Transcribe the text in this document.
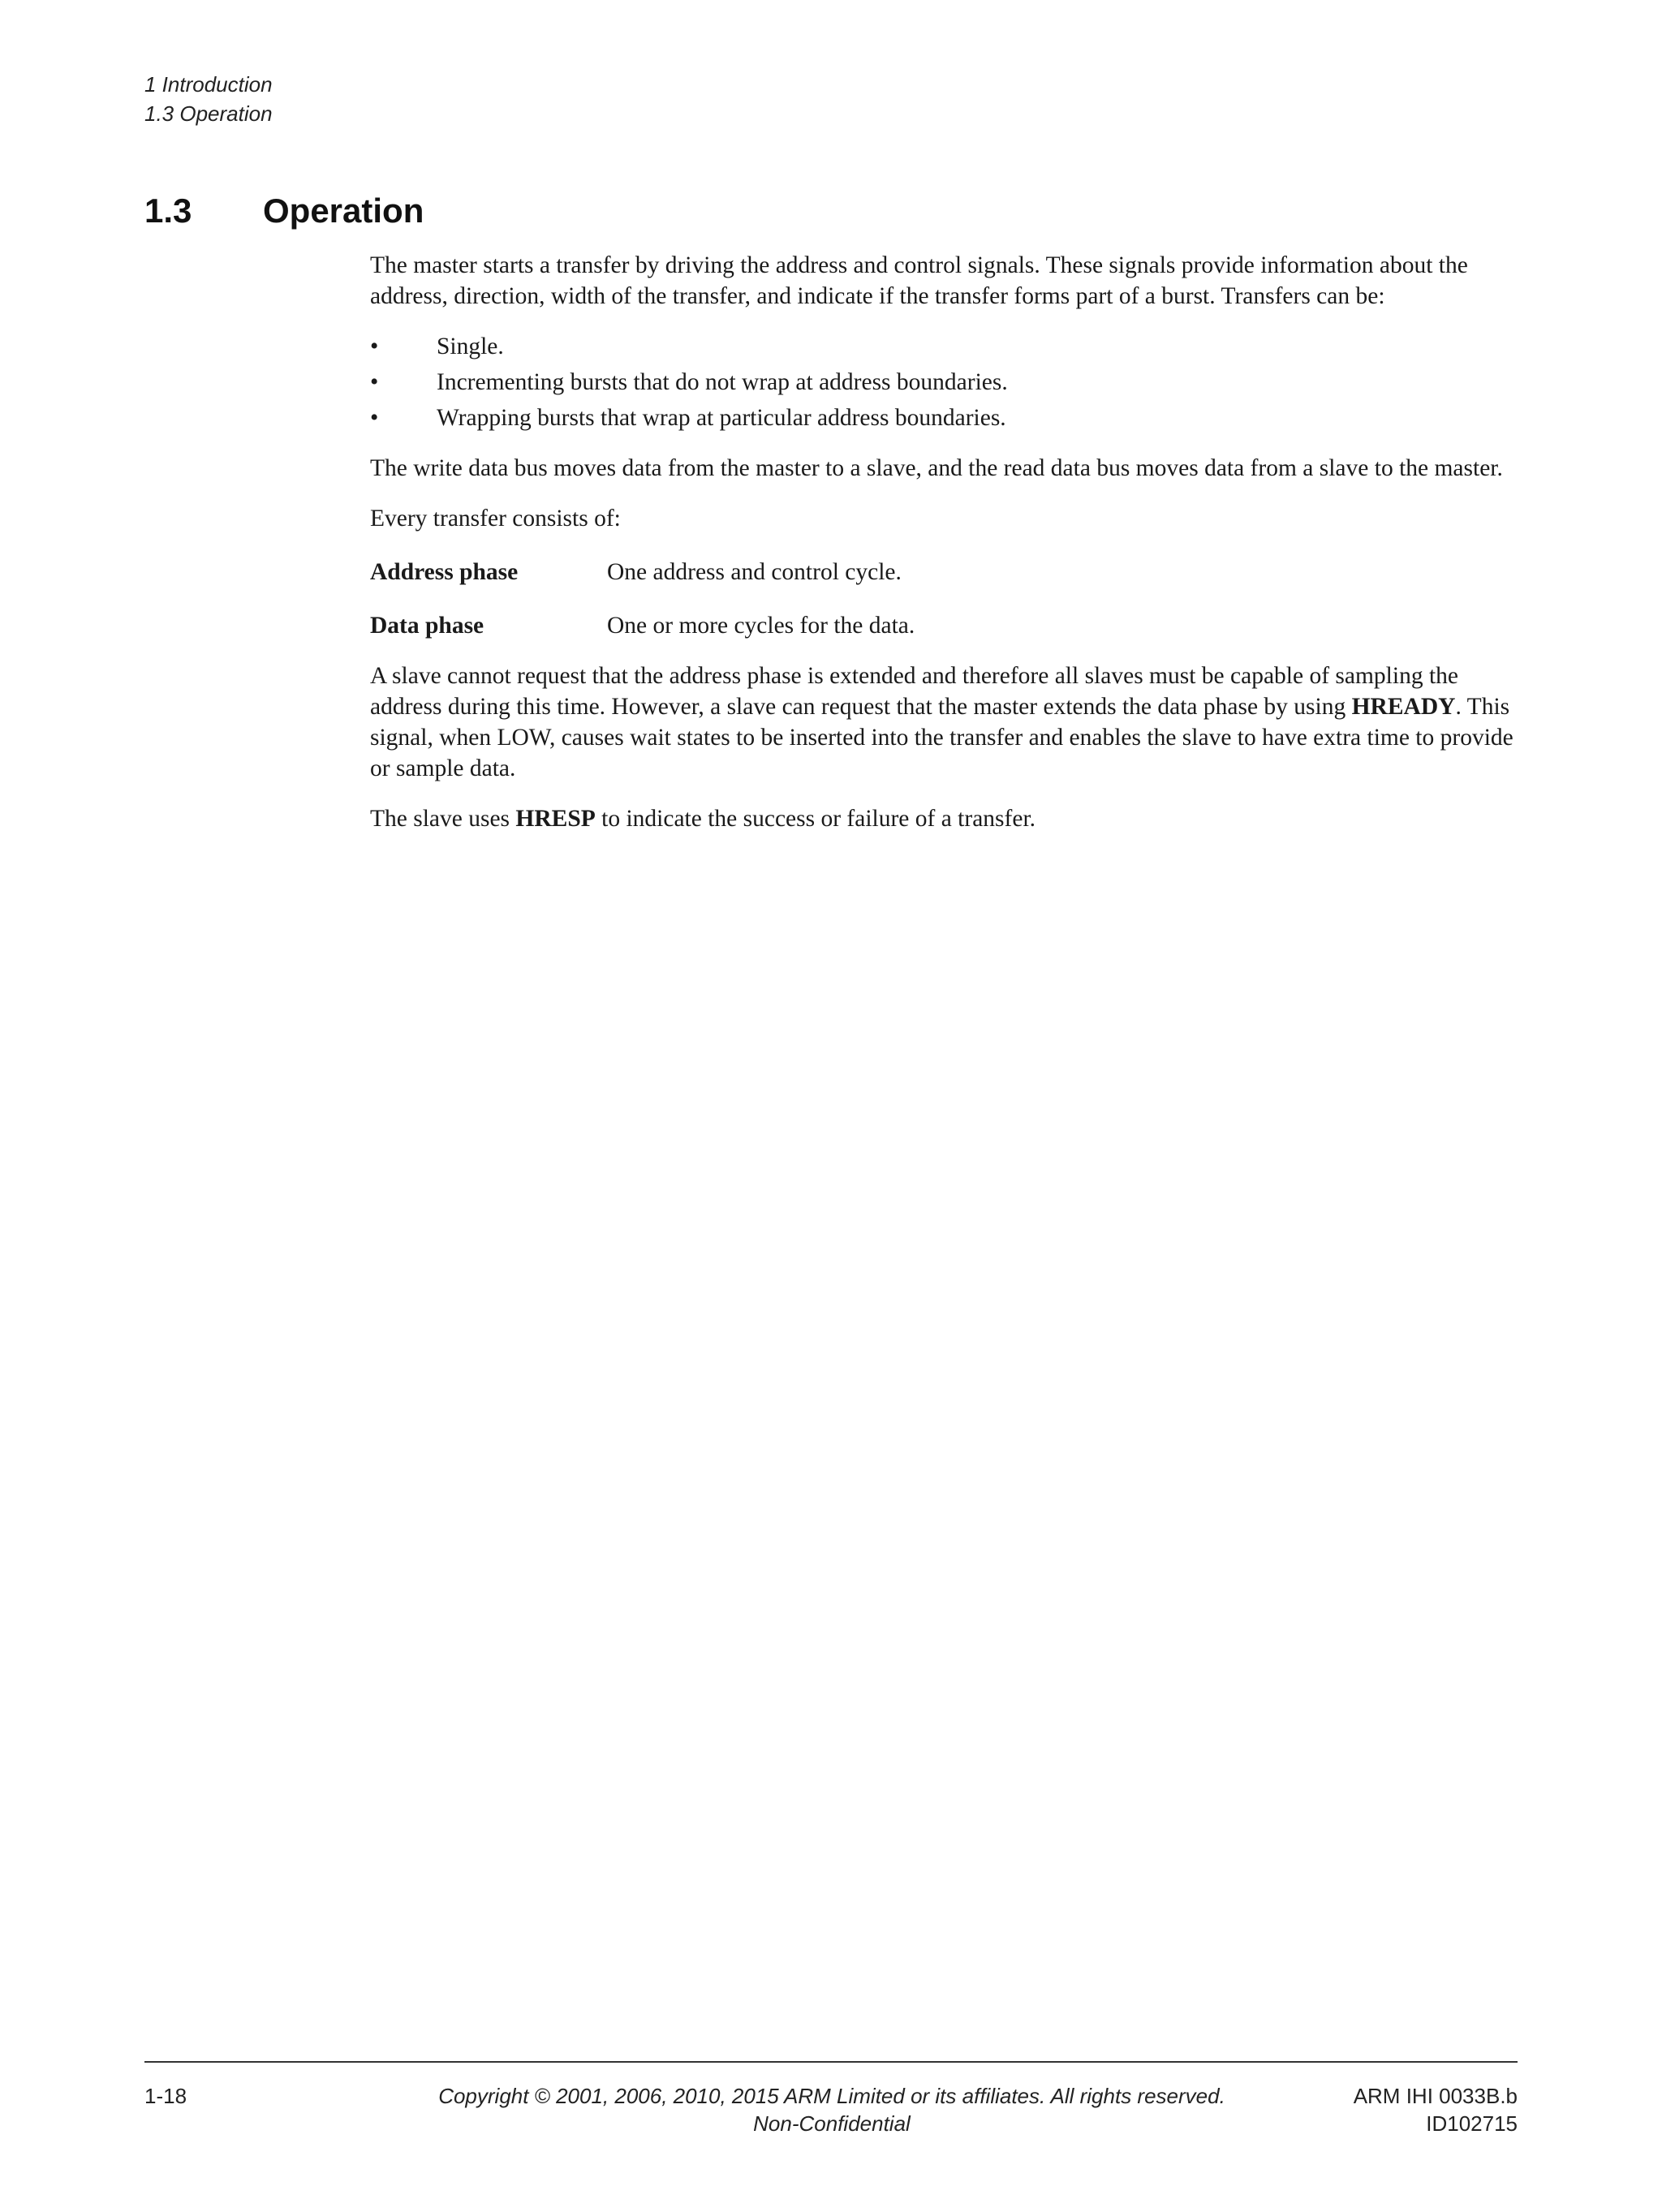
1 Introduction
1.3 Operation
1.3 Operation

The master starts a transfer by driving the address and control signals. These signals provide information about the address, direction, width of the transfer, and indicate if the transfer forms part of a burst. Transfers can be:

•	Single.
•	Incrementing bursts that do not wrap at address boundaries.
•	Wrapping bursts that wrap at particular address boundaries.

The write data bus moves data from the master to a slave, and the read data bus moves data from a slave to the master.

Every transfer consists of:

Address phase	One address and control cycle.
Data phase	One or more cycles for the data.

A slave cannot request that the address phase is extended and therefore all slaves must be capable of sampling the address during this time. However, a slave can request that the master extends the data phase by using HREADY. This signal, when LOW, causes wait states to be inserted into the transfer and enables the slave to have extra time to provide or sample data.

The slave uses HRESP to indicate the success or failure of a transfer.

1-18	Copyright © 2001, 2006, 2010, 2015 ARM Limited or its affiliates. All rights reserved.
Non-Confidential
ARM IHI 0033B.b
ID102715
